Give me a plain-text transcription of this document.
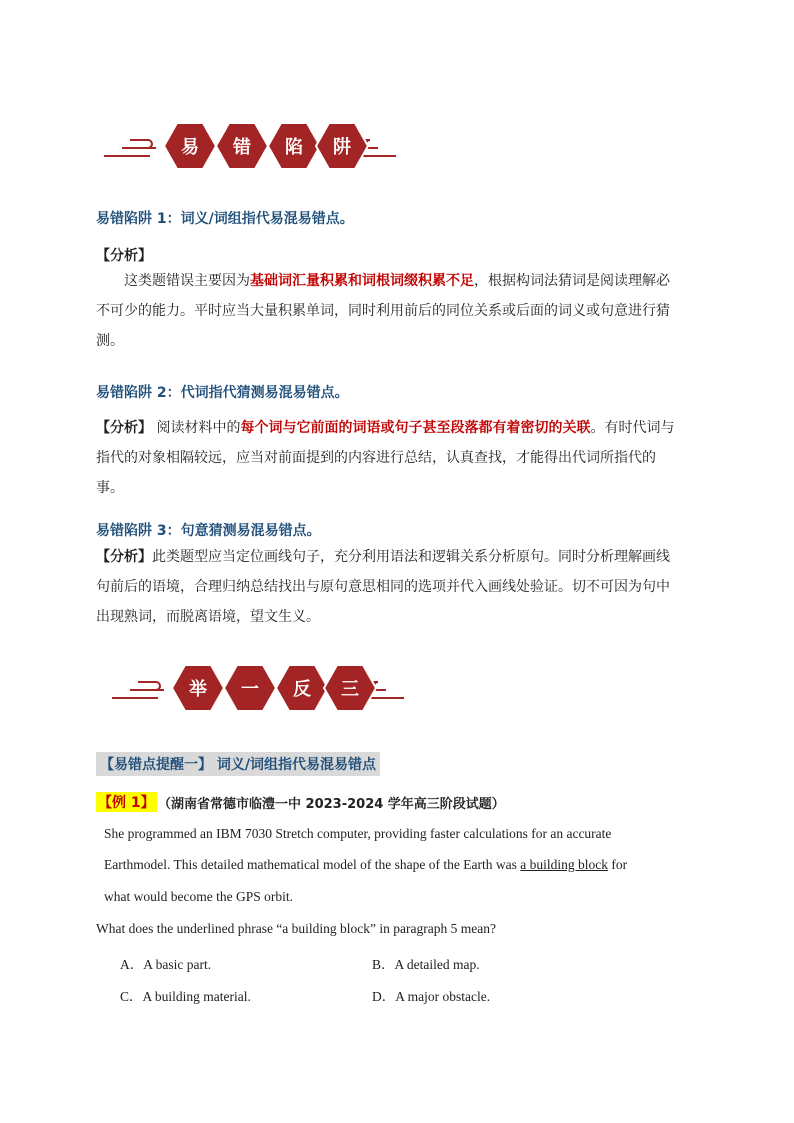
易	错	陷	阱
易错陷阱 1：词义/词组指代易混易错点。
【分析】
这类题错误主要因为基础词汇量积累和词根词缀积累不足，根据构词法猜词是阅读理解必
不可少的能力。平时应当大量积累单词，同时利用前后的同位关系或后面的词义或句意进行猜
测。
易错陷阱 2：代词指代猜测易混易错点。
【分析】 阅读材料中的每个词与它前面的词语或句子甚至段落都有着密切的关联。有时代词与
指代的对象相隔较远，应当对前面提到的内容进行总结，认真查找，才能得出代词所指代的事。
易错陷阱 3：句意猜测易混易错点。
【分析】此类题型应当定位画线句子，充分利用语法和逻辑关系分析原句。同时分析理解画线
句前后的语境，合理归纳总结找出与原句意思相同的选项并代入画线处验证。切不可因为句中
出现熟词，而脱离语境，望文生义。
举	一	反	三
【易错点提醒一】 词义/词组指代易混易错点
【例 1】 （湖南省常德市临澧一中 2023-2024 学年高三阶段试题）
She programmed an IBM 7030 Stretch computer, providing faster calculations for an accurate
Earthmodel. This detailed mathematical model of the shape of the Earth was a building block for
what would become the GPS orbit.
What does the underlined phrase “a building block” in paragraph 5 mean?
A．A basic part.	B．A detailed map.
C．A building material.	D．A major obstacle.
